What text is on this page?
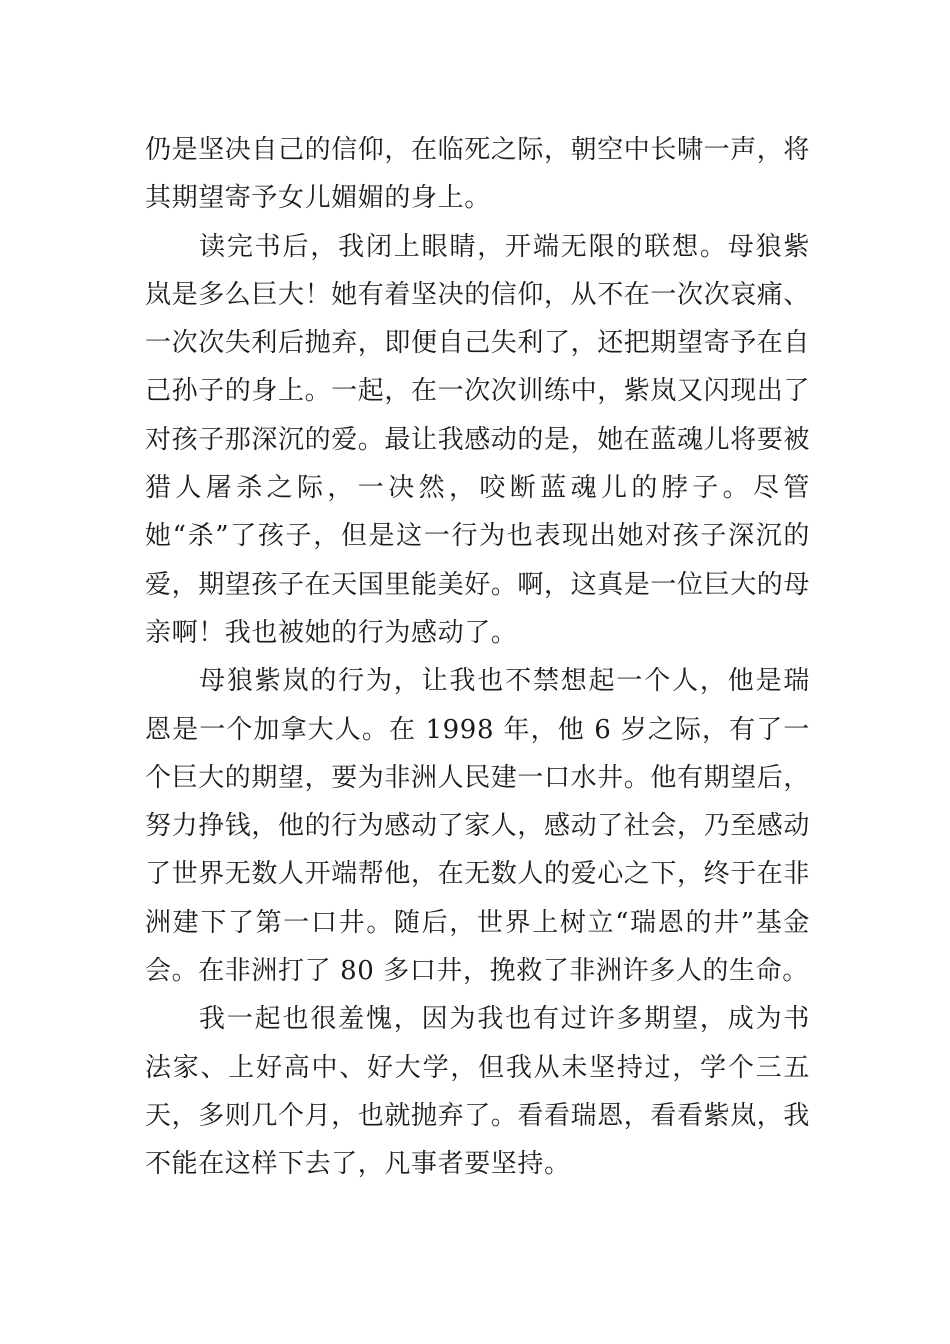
仍是坚决自己的信仰，在临死之际，朝空中长啸一声，将其期望寄予女儿媚媚的身上。

读完书后，我闭上眼睛，开端无限的联想。母狼紫岚是多么巨大！她有着坚决的信仰，从不在一次次哀痛、一次次失利后抛弃，即便自己失利了，还把期望寄予在自己孙子的身上。一起，在一次次训练中，紫岚又闪现出了对孩子那深沉的爱。最让我感动的是，她在蓝魂儿将要被猎人屠杀之际，一决然，咬断蓝魂儿的脖子。尽管她“杀”了孩子，但是这一行为也表现出她对孩子深沉的爱，期望孩子在天国里能美好。啊，这真是一位巨大的母亲啊！我也被她的行为感动了。

母狼紫岚的行为，让我也不禁想起一个人，他是瑞恩是一个加拿大人。在 1998 年，他 6 岁之际，有了一个巨大的期望，要为非洲人民建一口水井。他有期望后，努力挣钱，他的行为感动了家人，感动了社会，乃至感动了世界无数人开端帮他，在无数人的爱心之下，终于在非洲建下了第一口井。随后，世界上树立“瑞恩的井”基金会。在非洲打了 80 多口井，挽救了非洲许多人的生命。

我一起也很羞愧，因为我也有过许多期望，成为书法家、上好高中、好大学，但我从未坚持过，学个三五天，多则几个月，也就抛弃了。看看瑞恩，看看紫岚，我不能在这样下去了，凡事者要坚持。
